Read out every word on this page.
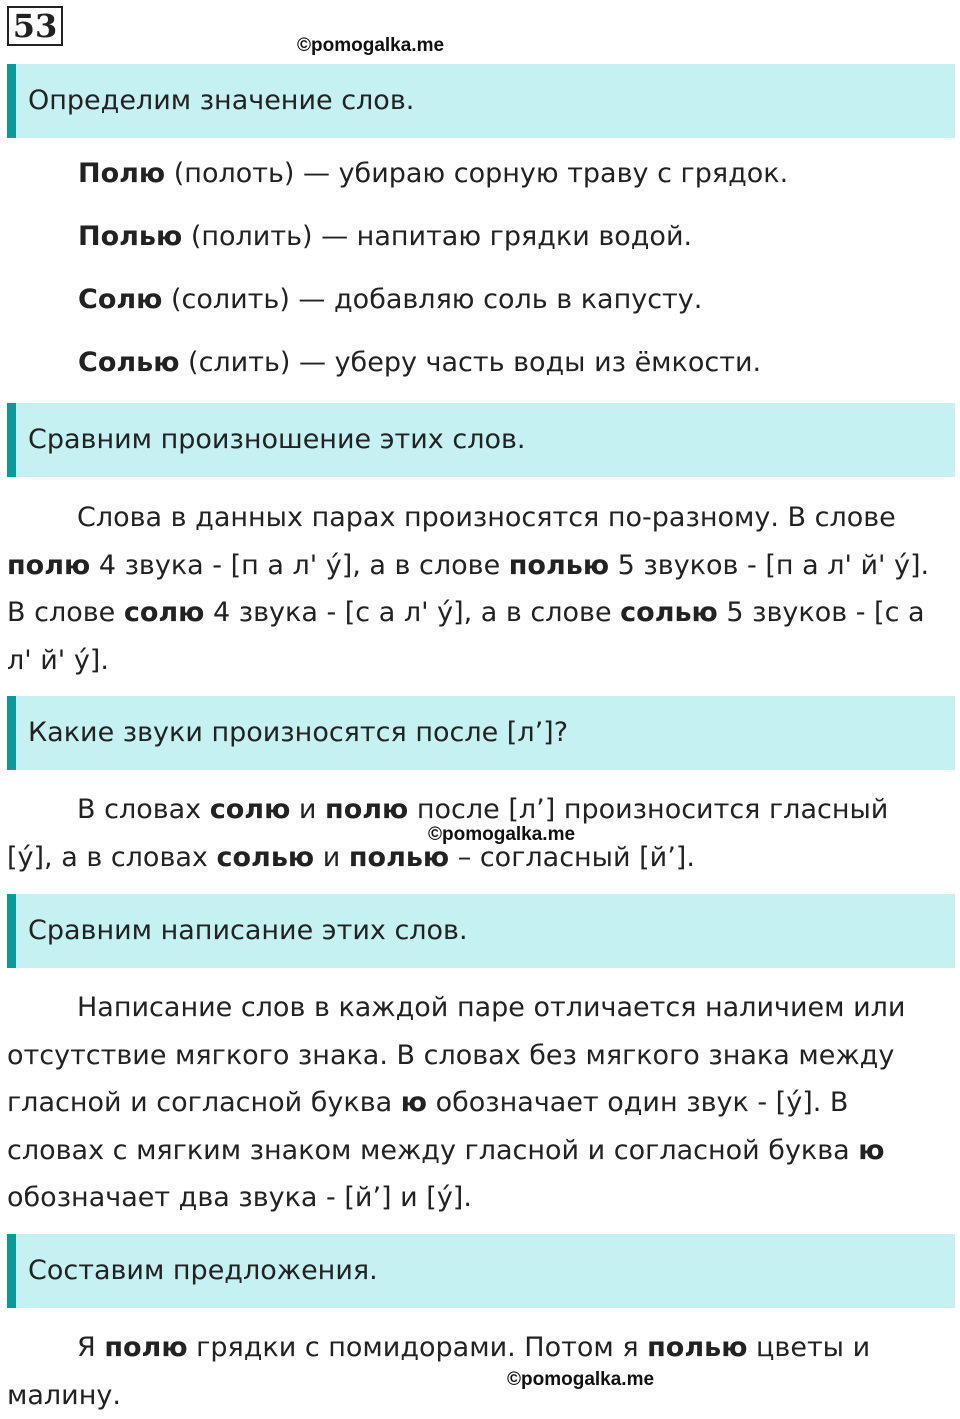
53
©pomogalka.me
Определим значение слов.
Полю (полоть) — убираю сорную траву с грядок.
Полью (полить) — напитаю грядки водой.
Солю (солить) — добавляю соль в капусту.
Солью (слить) — уберу часть воды из ёмкости.
Сравним произношение этих слов.

Слова в данных парах произносятся по-разному. В слове полю 4 звука - [п а л' у́], а в слове полью 5 звуков - [п а л' й' у́]. В слове солю 4 звука - [с а л' у́], а в слове солью 5 звуков - [с а л' й' у́].

Какие звуки произносятся после [л’]?

В словах солю и полю после [л’] произносится гласный [у́], а в словах солью и полью – согласный [й’].

©pomogalka.me
Сравним написание этих слов.

Написание слов в каждой паре отличается наличием или отсутствие мягкого знака. В словах без мягкого знака между гласной и согласной буква ю обозначает один звук - [у́]. В словах с мягким знаком между гласной и согласной буква ю обозначает два звука - [й’] и [у́].

Составим предложения.

Я полю грядки с помидорами. Потом я полью цветы и малину.	©pomogalka.me
